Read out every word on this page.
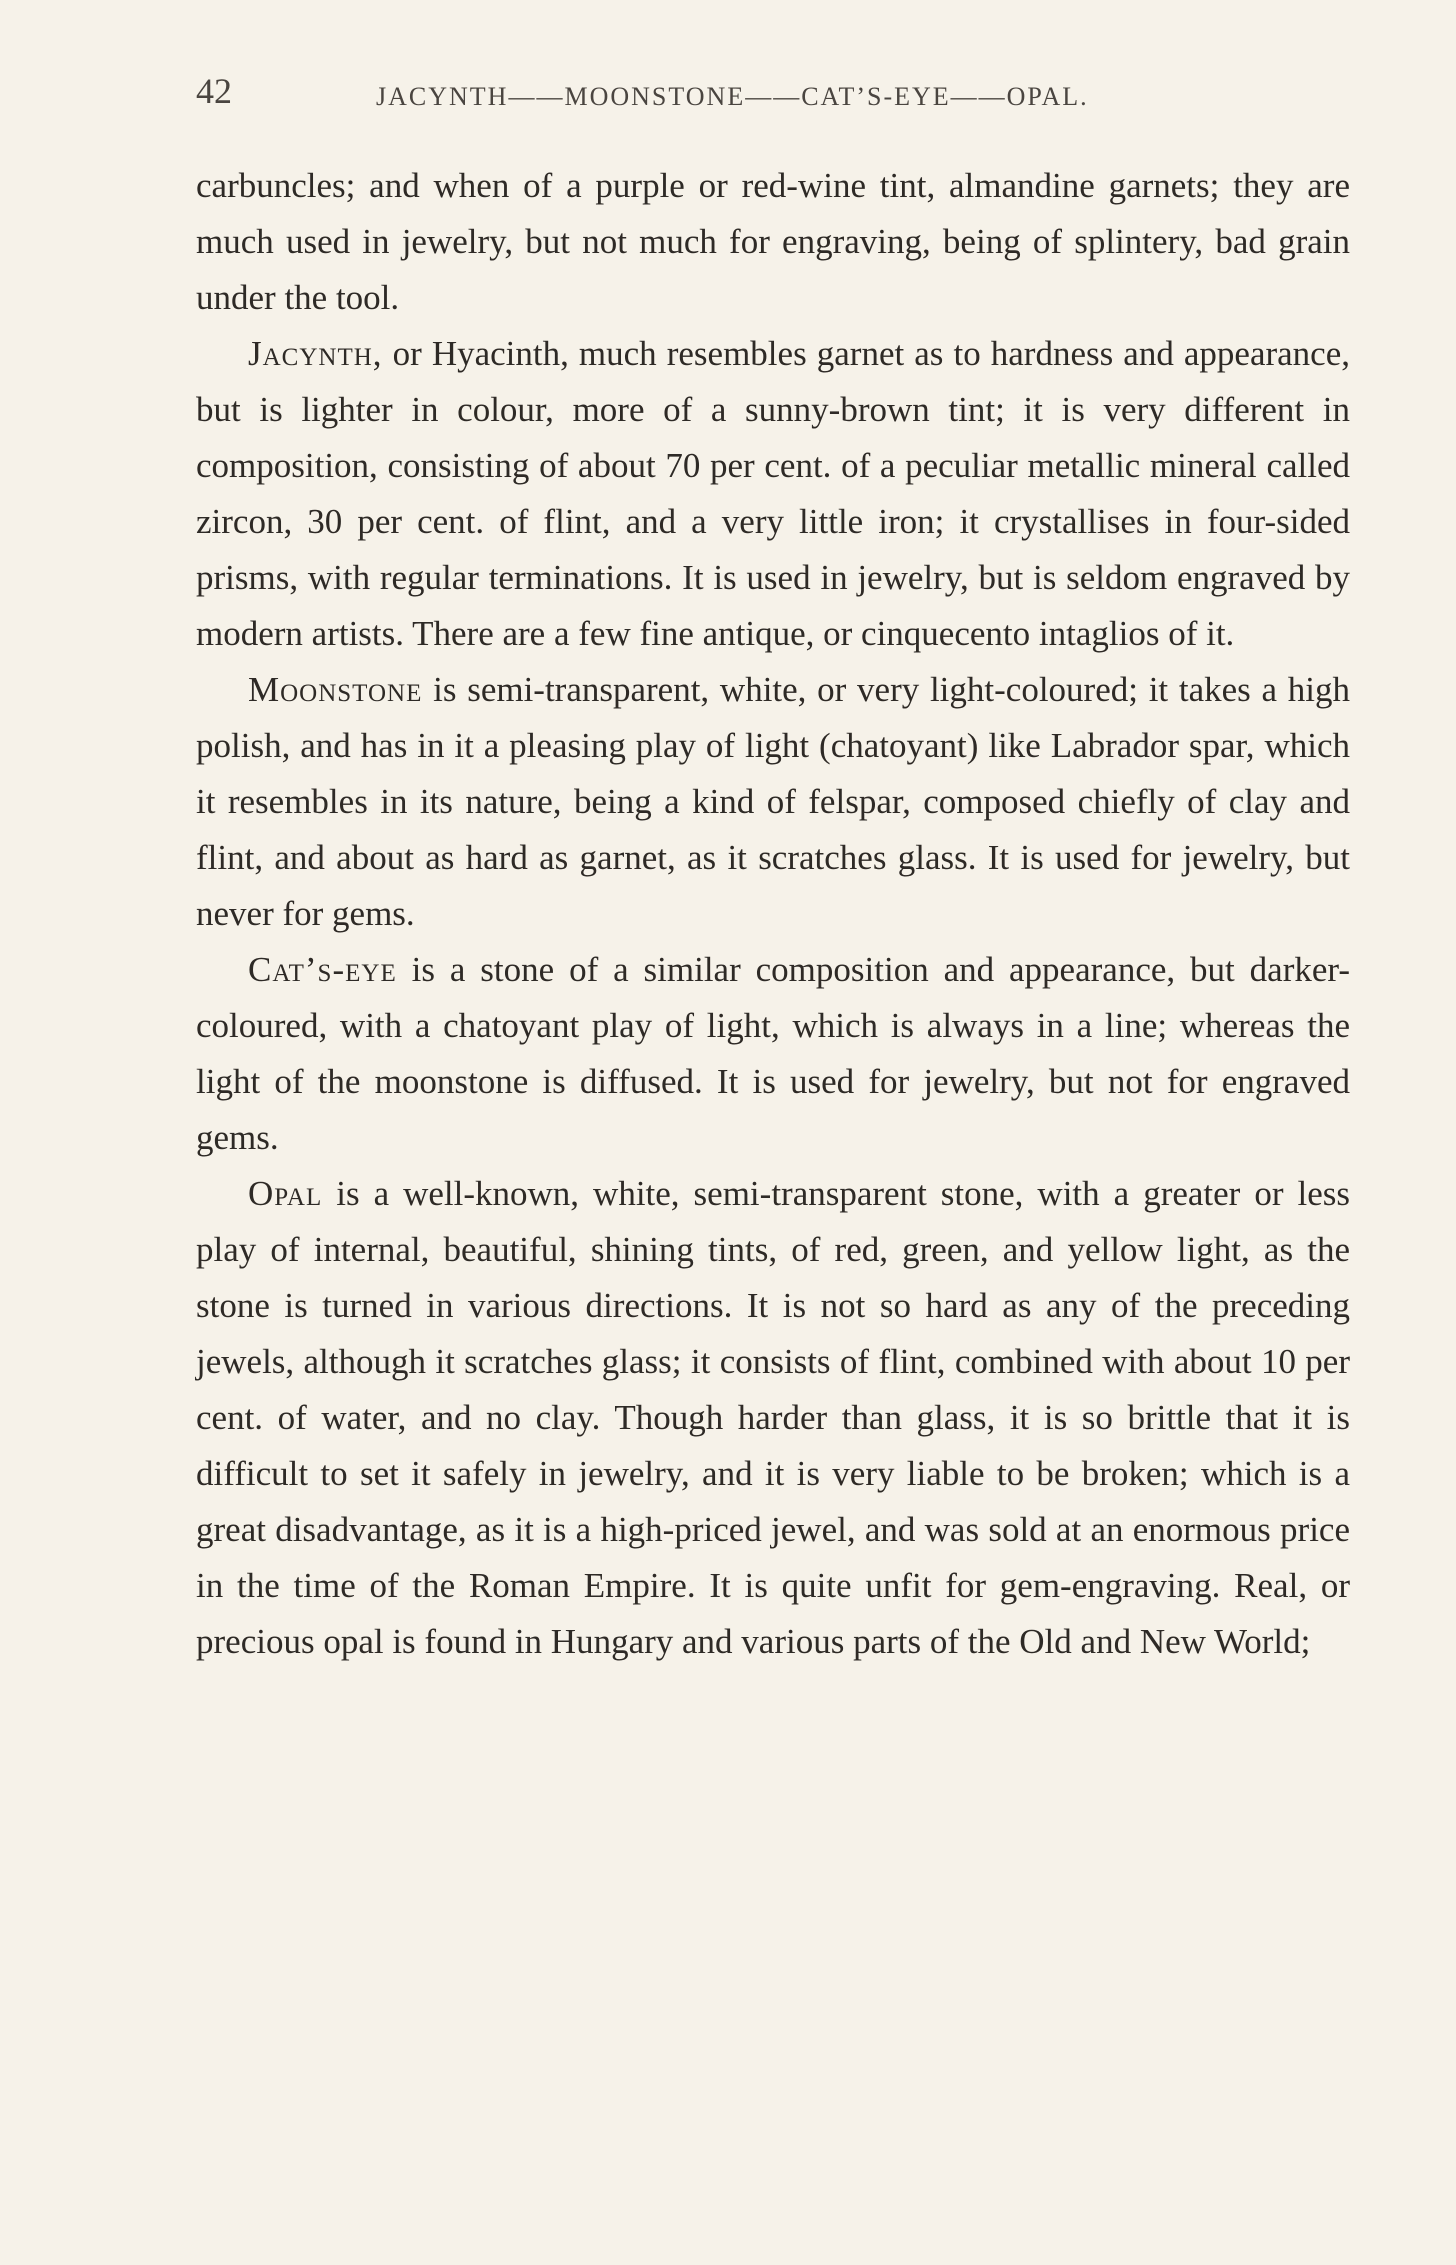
42	JACYNTH——MOONSTONE——CAT’S-EYE——OPAL.

carbuncles; and when of a purple or red-wine tint, almandine garnets; they are much used in jewelry, but not much for engraving, being of splintery, bad grain under the tool.

Jacynth, or Hyacinth, much resembles garnet as to hardness and appearance, but is lighter in colour, more of a sunny-brown tint; it is very different in composition, consisting of about 70 per cent. of a peculiar metallic mineral called zircon, 30 per cent. of flint, and a very little iron; it crystallises in four-sided prisms, with regular terminations. It is used in jewelry, but is seldom engraved by modern artists. There are a few fine antique, or cinquecento intaglios of it.

Moonstone is semi-transparent, white, or very light-coloured; it takes a high polish, and has in it a pleasing play of light (chatoyant) like Labrador spar, which it resembles in its nature, being a kind of felspar, composed chiefly of clay and flint, and about as hard as garnet, as it scratches glass. It is used for jewelry, but never for gems.

Cat’s-eye is a stone of a similar composition and appearance, but darker-coloured, with a chatoyant play of light, which is always in a line; whereas the light of the moonstone is diffused. It is used for jewelry, but not for engraved gems.

Opal is a well-known, white, semi-transparent stone, with a greater or less play of internal, beautiful, shining tints, of red, green, and yellow light, as the stone is turned in various directions. It is not so hard as any of the preceding jewels, although it scratches glass; it consists of flint, combined with about 10 per cent. of water, and no clay. Though harder than glass, it is so brittle that it is difficult to set it safely in jewelry, and it is very liable to be broken; which is a great disadvantage, as it is a high-priced jewel, and was sold at an enormous price in the time of the Roman Empire. It is quite unfit for gem-engraving. Real, or precious opal is found in Hungary and various parts of the Old and New World;
